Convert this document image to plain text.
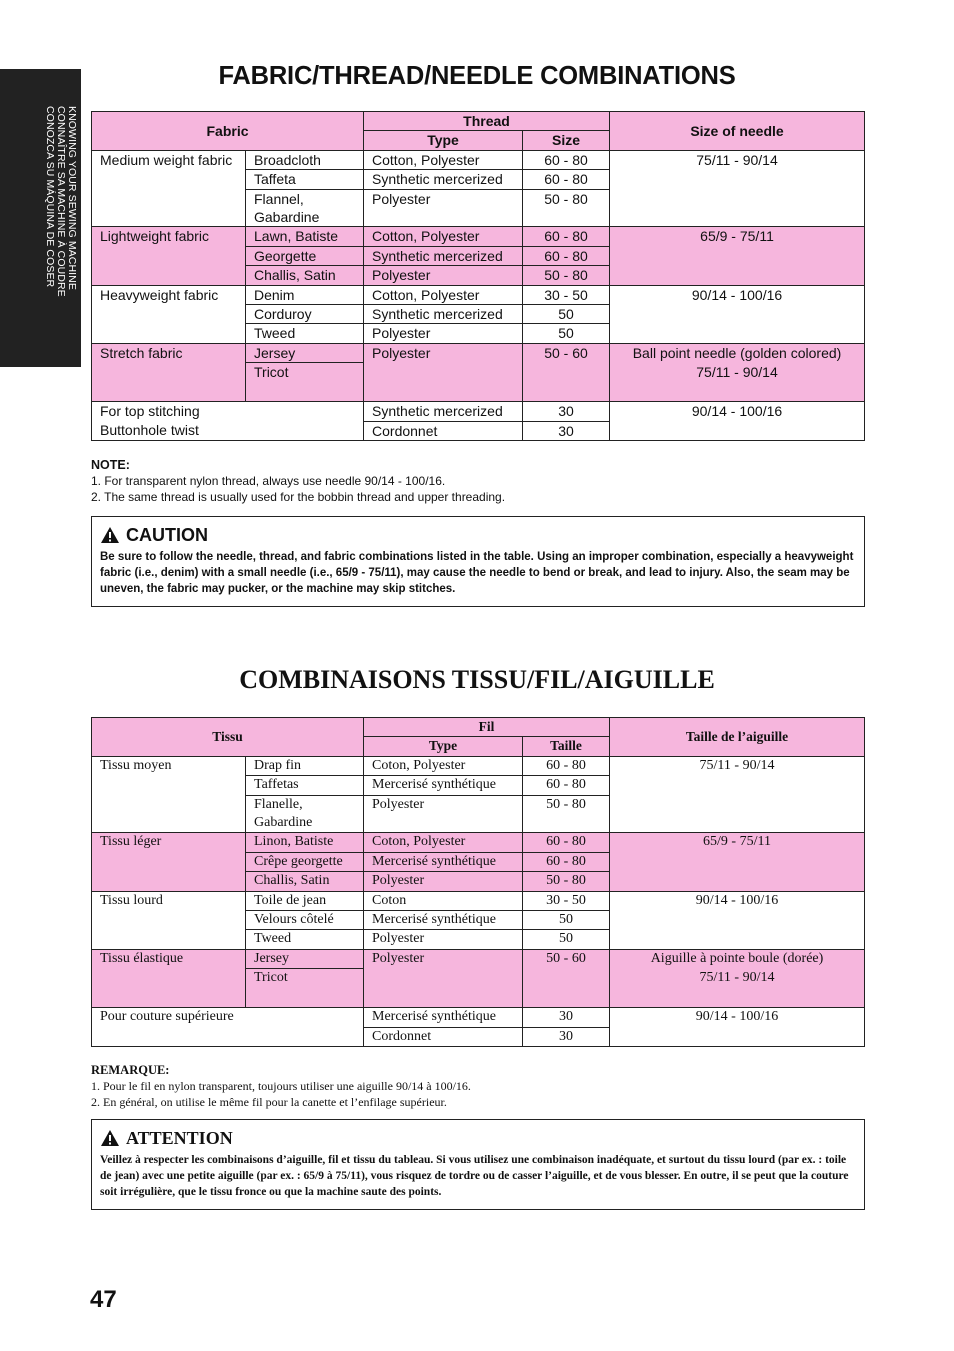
KNOWING YOUR SEWING MACHINE
CONNAÎTRE SA MACHINE À COUDRE
CONOZCA SU MÁQUINA DE COSER
FABRIC/THREAD/NEEDLE COMBINATIONS
Fabric		Thread		Size of needle
		Type	Size	
Medium weight fabric	Broadcloth	Cotton, Polyester	60 - 80	75/11 - 90/14

	Taffeta	Synthetic mercerized	60 - 80	
	Flannel,	Polyester	50 - 80	
	Gabardine			
Lightweight fabric	Lawn, Batiste	Cotton, Polyester	60 - 80	65/9 - 75/11

	Georgette	Synthetic mercerized	60 - 80	
	Challis, Satin	Polyester	50 - 80	
Heavyweight fabric	Denim	Cotton, Polyester	30 - 50	90/14 - 100/16

	Corduroy	Synthetic mercerized	50	
	Tweed	Polyester	50	
Stretch fabric	Jersey	Polyester	50 - 60	Ball point needle (golden colored)
75/11 - 90/14

	Tricot			

For top stitching
Buttonhole twist		Synthetic mercerized	30	90/14 - 100/16
		Cordonnet	30	
NOTE:
1. For transparent nylon thread, always use needle 90/14 - 100/16.
2. The same thread is usually used for the bobbin thread and upper threading.
CAUTION
Be sure to follow the needle, thread, and fabric combinations listed in the table. Using an improper combination, especially a heavyweight fabric (i.e., denim) with a small needle (i.e., 65/9 - 75/11), may cause the needle to bend or break, and lead to injury. Also, the seam may be uneven, the fabric may pucker, or the machine may skip stitches.
COMBINAISONS TISSU/FIL/AIGUILLE
Tissu		Fil		Taille de l’aiguille
		Type	Taille	
Tissu moyen	Drap fin	Coton, Polyester	60 - 80	75/11 - 90/14

	Taffetas	Mercerisé synthétique	60 - 80	
	Flanelle,	Polyester	50 - 80	
	Gabardine			
Tissu léger	Linon, Batiste	Coton, Polyester	60 - 80	65/9 - 75/11

	Crêpe georgette	Mercerisé synthétique	60 - 80	
	Challis, Satin	Polyester	50 - 80	
Tissu lourd	Toile de jean	Coton	30 - 50	90/14 - 100/16

	Velours côtelé	Mercerisé synthétique	50	
	Tweed	Polyester	50	
Tissu élastique	Jersey	Polyester	50 - 60	Aiguille à pointe boule (dorée)
75/11 - 90/14

	Tricot			

Pour couture supérieure		Mercerisé synthétique	30	90/14 - 100/16
		Cordonnet	30	
REMARQUE:
1. Pour le fil en nylon transparent, toujours utiliser une aiguille 90/14 à 100/16.
2. En général, on utilise le même fil pour la canette et l’enfilage supérieur.
ATTENTION
Veillez à respecter les combinaisons d’aiguille, fil et tissu du tableau. Si vous utilisez une combinaison inadéquate, et surtout du tissu lourd (par ex. : toile de jean) avec une petite aiguille (par ex. : 65/9 à 75/11), vous risquez de tordre ou de casser l’aiguille, et de vous blesser. En outre, il se peut que la couture soit irrégulière, que le tissu fronce ou que la machine saute des points.
47
